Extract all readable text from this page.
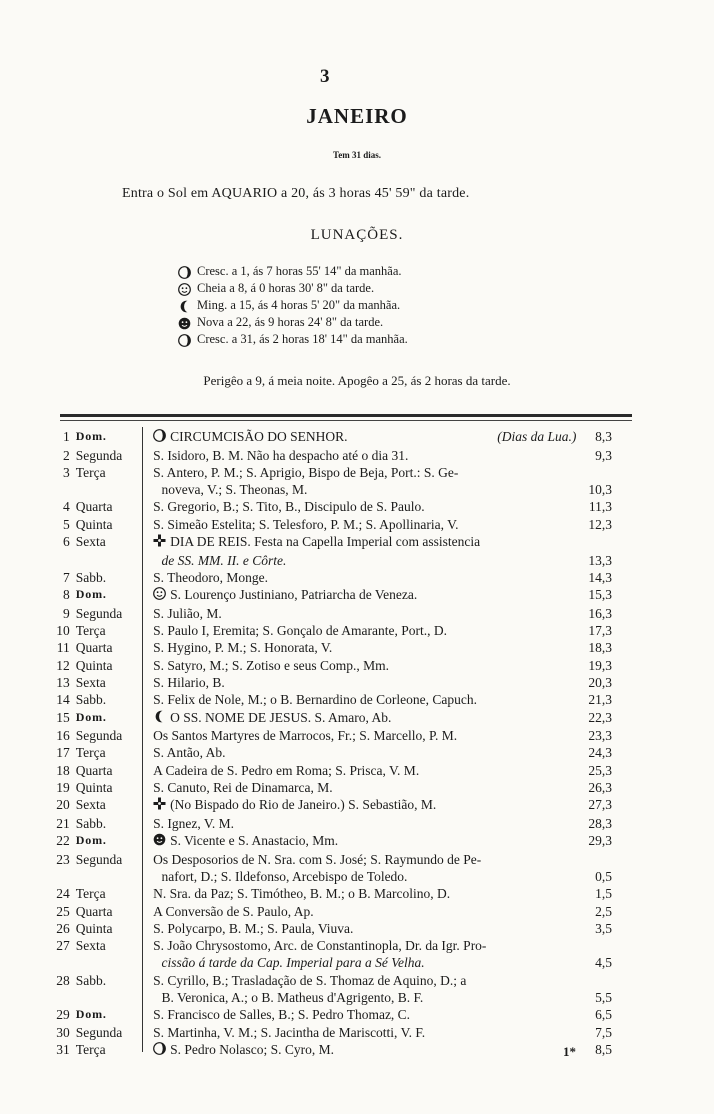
3
JANEIRO
Tem 31 dias.
Entra o Sol em AQUARIO a 20, ás 3 horas 45' 59" da tarde.
LUNAÇÕES.
Cresc. a 1, ás 7 horas 55' 14" da manhãa.
Cheia a 8, á 0 horas 30' 8" da tarde.
Ming. a 15, ás 4 horas 5' 20" da manhãa.
Nova a 22, ás 9 horas 24' 8" da tarde.
Cresc. a 31, ás 2 horas 18' 14" da manhãa.
Perigêo a 9, á meia noite. Apogêo a 25, ás 2 horas da tarde.
1 Dom.	CIRCUMCISÃO DO SENHOR.	(Dias da Lua.)	8,3
2 Segunda	S. Isidoro, B. M. Não ha despacho até o dia 31.	9,3
3 Terça	S. Antero, P. M.; S. Aprigio, Bispo de Beja, Port.: S. Ge-
noveva, V.; S. Theonas, M.	10,3
4 Quarta	S. Gregorio, B.; S. Tito, B., Discipulo de S. Paulo.	11,3
5 Quinta	S. Simeão Estelita; S. Telesforo, P. M.; S. Apollinaria, V.	12,3
6 Sexta	DIA DE REIS. Festa na Capella Imperial com assistencia
de SS. MM. II. e Côrte.	13,3
7 Sabb.	S. Theodoro, Monge.	14,3
8 Dom.	S. Lourenço Justiniano, Patriarcha de Veneza.	15,3
9 Segunda	S. Julião, M.	16,3
10 Terça	S. Paulo I, Eremita; S. Gonçalo de Amarante, Port., D.	17,3
11 Quarta	S. Hygino, P. M.; S. Honorata, V.	18,3
12 Quinta	S. Satyro, M.; S. Zotiso e seus Comp., Mm.	19,3
13 Sexta	S. Hilario, B.	20,3
14 Sabb.	S. Felix de Nole, M.; o B. Bernardino de Corleone, Capuch.	21,3
15 Dom.	O SS. NOME DE JESUS. S. Amaro, Ab.	22,3
16 Segunda	Os Santos Martyres de Marrocos, Fr.; S. Marcello, P. M.	23,3
17 Terça	S. Antão, Ab.	24,3
18 Quarta	A Cadeira de S. Pedro em Roma; S. Prisca, V. M.	25,3
19 Quinta	S. Canuto, Rei de Dinamarca, M.	26,3
20 Sexta	(No Bispado do Rio de Janeiro.) S. Sebastião, M.	27,3
21 Sabb.	S. Ignez, V. M.	28,3
22 Dom.	S. Vicente e S. Anastacio, Mm.	29,3
23 Segunda	Os Desposorios de N. Sra. com S. José; S. Raymundo de Pe-
nafort, D.; S. Ildefonso, Arcebispo de Toledo.	0,5
24 Terça	N. Sra. da Paz; S. Timótheo, B. M.; o B. Marcolino, D.	1,5
25 Quarta	A Conversão de S. Paulo, Ap.	2,5
26 Quinta	S. Polycarpo, B. M.; S. Paula, Viuva.	3,5
27 Sexta	S. João Chrysostomo, Arc. de Constantinopla, Dr. da Igr. Pro-
cissão á tarde da Cap. Imperial para a Sé Velha.	4,5
28 Sabb.	S. Cyrillo, B.; Trasladação de S. Thomaz de Aquino, D.; a
B. Veronica, A.; o B. Matheus d'Agrigento, B. F.	5,5
29 Dom.	S. Francisco de Salles, B.; S. Pedro Thomaz, C.	6,5
30 Segunda	S. Martinha, V. M.; S. Jacintha de Mariscotti, V. F.	7,5
31 Terça	S. Pedro Nolasco; S. Cyro, M.	8,5
1*
